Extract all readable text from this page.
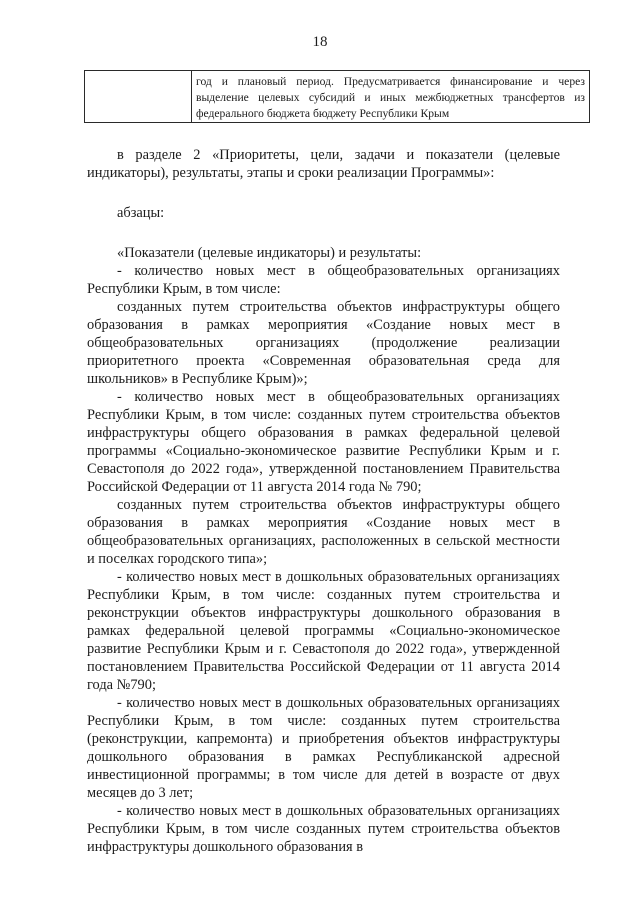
18
	год и плановый период. Предусматривается финансирование и через выделение целевых субсидий и иных межбюджетных трансфертов из федерального бюджета бюджету Республики Крым

в разделе 2 «Приоритеты, цели, задачи и показатели (целевые индикаторы), результаты, этапы и сроки реализации Программы»:

абзацы:

«Показатели (целевые индикаторы) и результаты:

- количество новых мест в общеобразовательных организациях Республики Крым, в том числе:

созданных путем строительства объектов инфраструктуры общего образования в рамках мероприятия «Создание новых мест в общеобразовательных организациях (продолжение реализации приоритетного проекта «Современная образовательная среда для школьников» в Республике Крым)»;

- количество новых мест в общеобразовательных организациях Республики Крым, в том числе: созданных путем строительства объектов инфраструктуры общего образования в рамках федеральной целевой программы «Социально-экономическое развитие Республики Крым и г. Севастополя до 2022 года», утвержденной постановлением Правительства Российской Федерации от 11 августа 2014 года № 790;

созданных путем строительства объектов инфраструктуры общего образования в рамках мероприятия «Создание новых мест в общеобразовательных организациях, расположенных в сельской местности и поселках городского типа»;

- количество новых мест в дошкольных образовательных организациях Республики Крым, в том числе: созданных путем строительства и реконструкции объектов инфраструктуры дошкольного образования в рамках федеральной целевой программы «Социально-экономическое развитие Республики Крым и г. Севастополя до 2022 года», утвержденной постановлением Правительства Российской Федерации от 11 августа 2014 года №790;

- количество новых мест в дошкольных образовательных организациях Республики Крым, в том числе: созданных путем строительства (реконструкции, капремонта) и приобретения объектов инфраструктуры дошкольного образования в рамках Республиканской адресной инвестиционной программы; в том числе для детей в возрасте от двух месяцев до 3 лет;

- количество новых мест в дошкольных образовательных организациях Республики Крым, в том числе созданных путем строительства объектов инфраструктуры дошкольного образования в
